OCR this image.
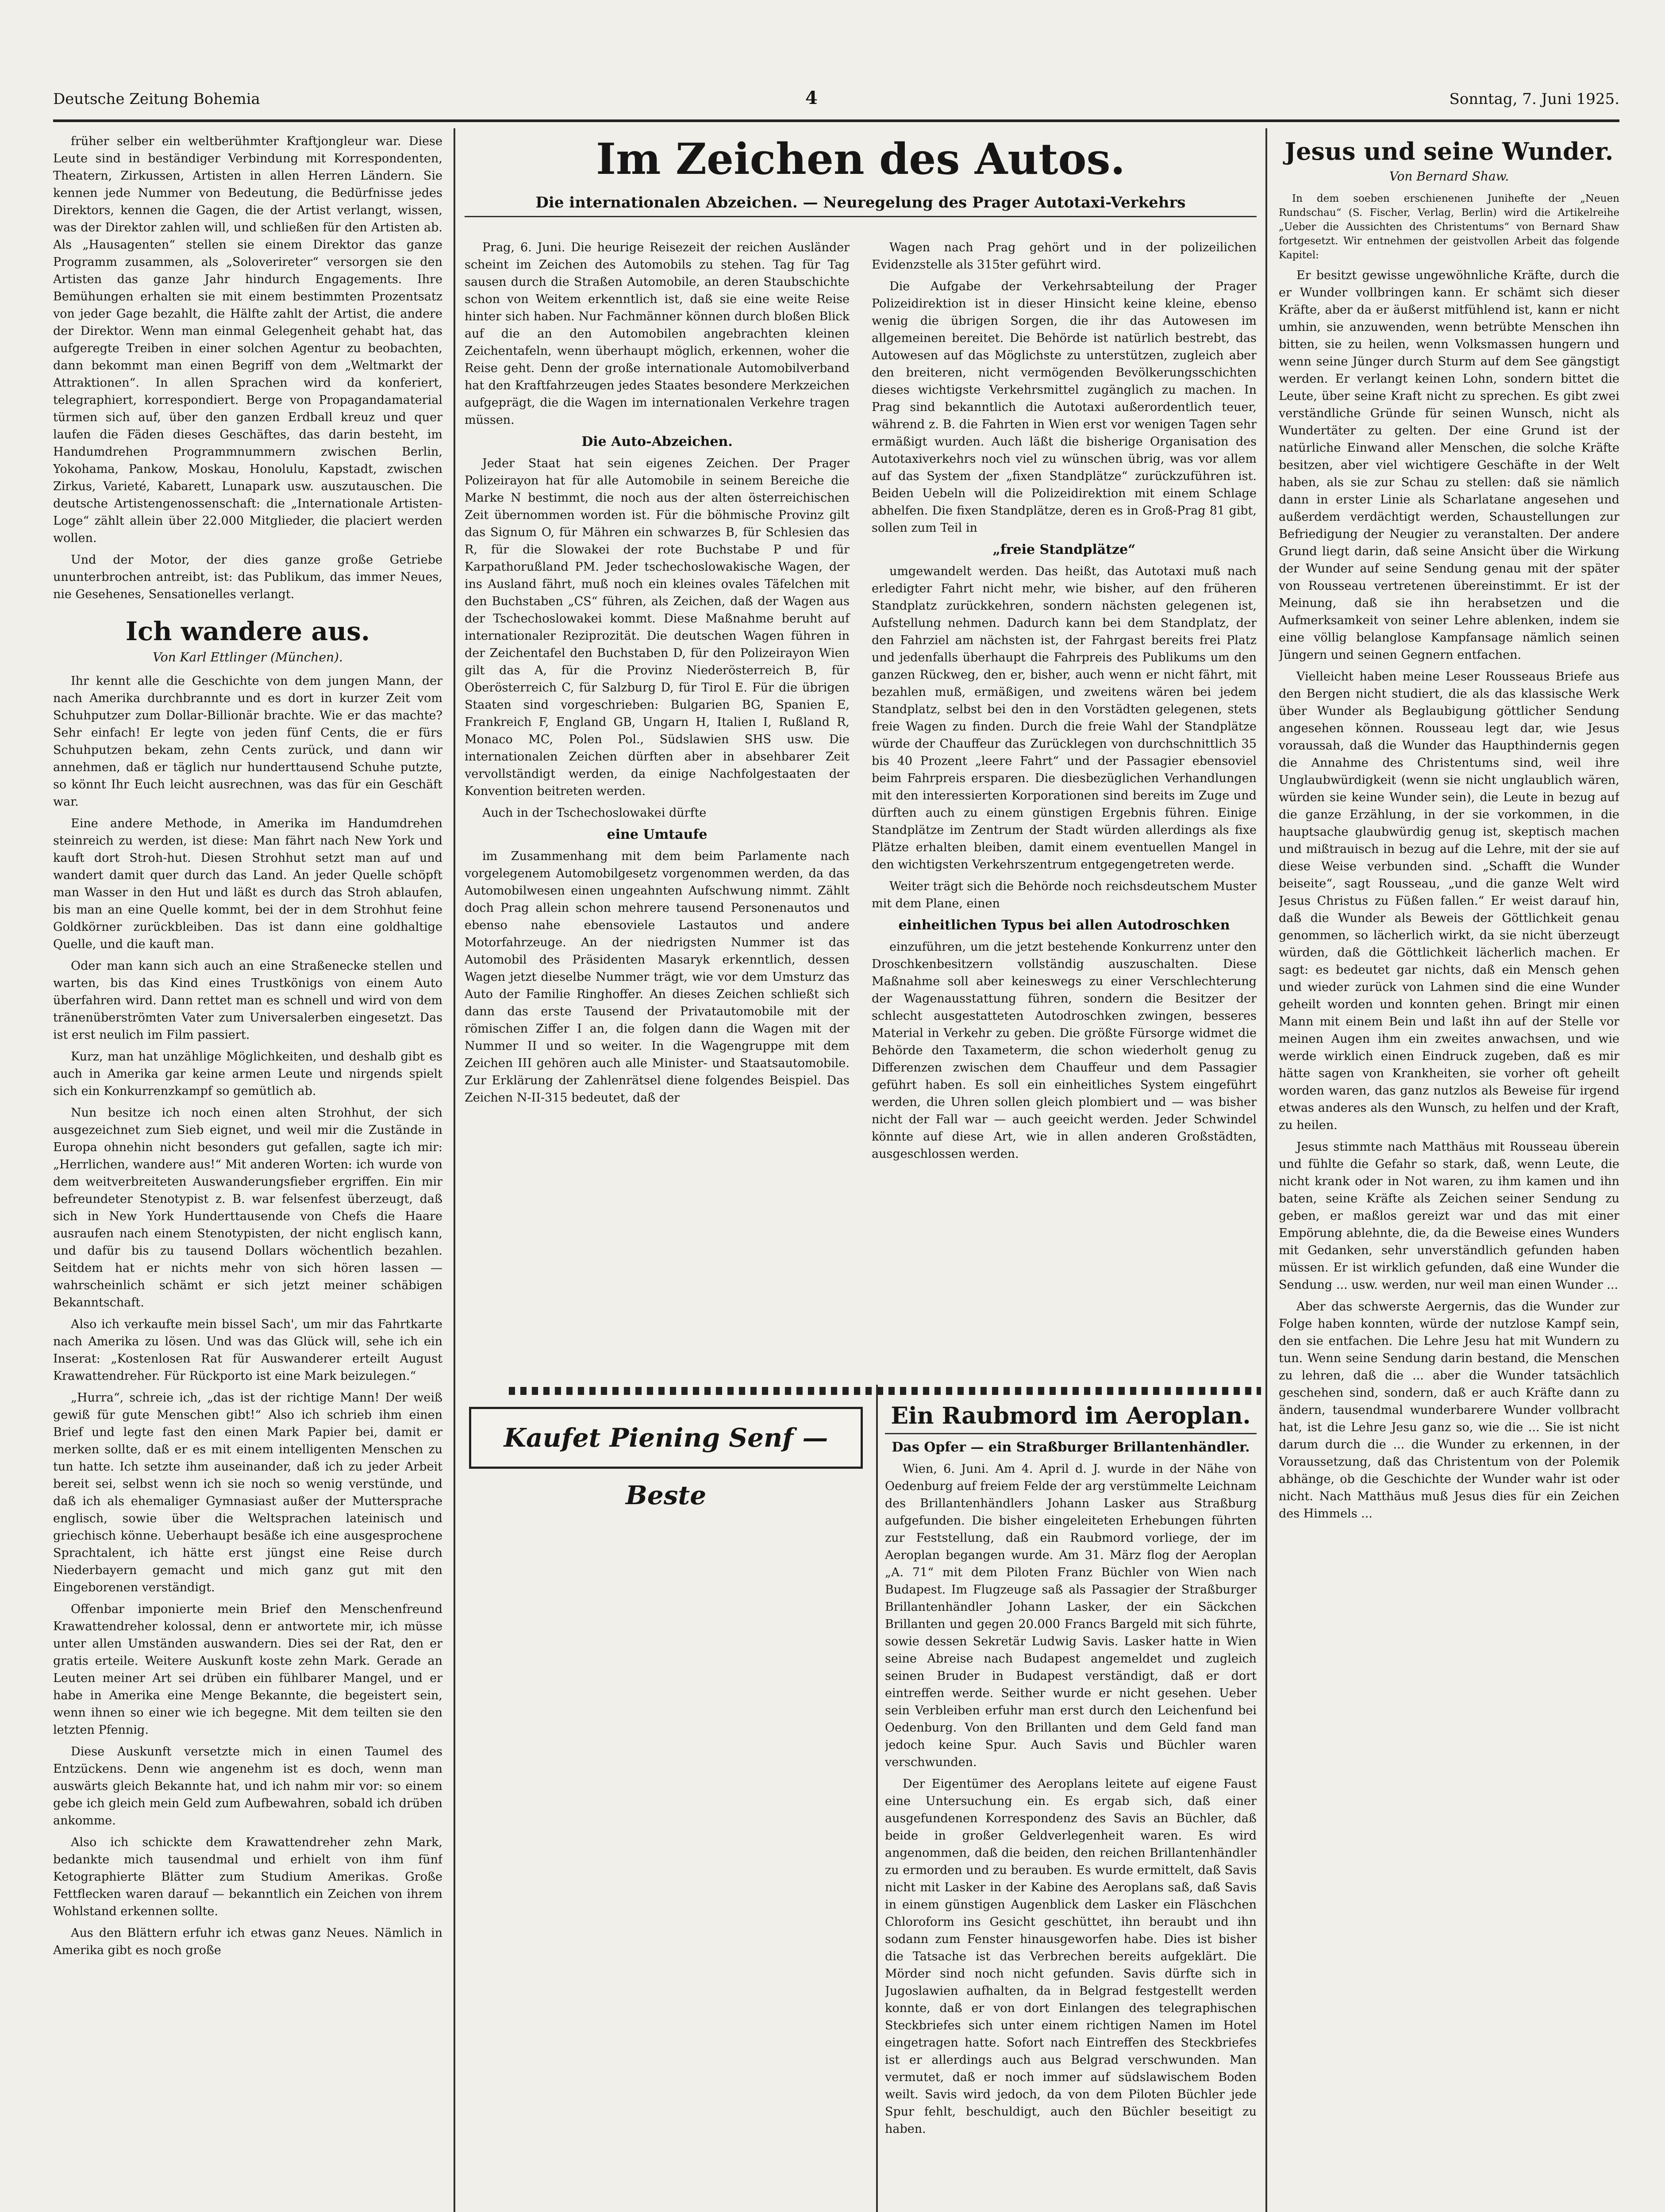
Deutsche Zeitung Bohemia	4	Sonntag, 7. Juni 1925.

früher selber ein weltberühmter Kraftjongleur war. Diese Leute sind in beständiger Verbindung mit Korrespondenten, Theatern, Zirkussen, Artisten in allen Herren Ländern. Sie kennen jede Nummer von Bedeutung, die Bedürfnisse jedes Direktors, kennen die Gagen, die der Artist verlangt, wissen, was der Direktor zahlen will, und schließen für den Artisten ab. Als „Hausagenten“ stellen sie einem Direktor das ganze Programm zusammen, als „Soloverireter“ versorgen sie den Artisten das ganze Jahr hindurch Engagements. Ihre Bemühungen erhalten sie mit einem bestimmten Prozentsatz von jeder Gage bezahlt, die Hälfte zahlt der Artist, die andere der Direktor. Wenn man einmal Gelegenheit gehabt hat, das aufgeregte Treiben in einer solchen Agentur zu beobachten, dann bekommt man einen Begriff von dem „Weltmarkt der Attraktionen“. In allen Sprachen wird da konferiert, telegraphiert, korrespondiert. Berge von Propagandamaterial türmen sich auf, über den ganzen Erdball kreuz und quer laufen die Fäden dieses Geschäftes, das darin besteht, im Handumdrehen Programmnummern zwischen Berlin, Yokohama, Pankow, Moskau, Honolulu, Kapstadt, zwischen Zirkus, Varieté, Kabarett, Lunapark usw. auszutauschen. Die deutsche Artistengenossenschaft: die „Internationale Artisten-Loge“ zählt allein über 22.000 Mitglieder, die placiert werden wollen.

Und der Motor, der dies ganze große Getriebe ununterbrochen antreibt, ist: das Publikum, das immer Neues, nie Gesehenes, Sensationelles verlangt.

Ich wandere aus.
Von Karl Ettlinger (München).

Ihr kennt alle die Geschichte von dem jungen Mann, der nach Amerika durchbrannte und es dort in kurzer Zeit vom Schuhputzer zum Dollar-Billionär brachte. Wie er das machte? Sehr einfach! Er legte von jeden fünf Cents, die er fürs Schuhputzen bekam, zehn Cents zurück, und dann wir annehmen, daß er täglich nur hunderttausend Schuhe putzte, so könnt Ihr Euch leicht ausrechnen, was das für ein Geschäft war.

Eine andere Methode, in Amerika im Handumdrehen steinreich zu werden, ist diese: Man fährt nach New York und kauft dort Stroh-hut. Diesen Strohhut setzt man auf und wandert damit quer durch das Land. An jeder Quelle schöpft man Wasser in den Hut und läßt es durch das Stroh ablaufen, bis man an eine Quelle kommt, bei der in dem Strohhut feine Goldkörner zurückbleiben. Das ist dann eine goldhaltige Quelle, und die kauft man.

Oder man kann sich auch an eine Straßenecke stellen und warten, bis das Kind eines Trustkönigs von einem Auto überfahren wird. Dann rettet man es schnell und wird von dem tränenüberströmten Vater zum Universalerben eingesetzt. Das ist erst neulich im Film passiert.

Kurz, man hat unzählige Möglichkeiten, und deshalb gibt es auch in Amerika gar keine armen Leute und nirgends spielt sich ein Konkurrenzkampf so gemütlich ab.

Nun besitze ich noch einen alten Strohhut, der sich ausgezeichnet zum Sieb eignet, und weil mir die Zustände in Europa ohnehin nicht besonders gut gefallen, sagte ich mir: „Herrlichen, wandere aus!“ Mit anderen Worten: ich wurde von dem weitverbreiteten Auswanderungsfieber ergriffen. Ein mir befreundeter Stenotypist z. B. war felsenfest überzeugt, daß sich in New York Hunderttausende von Chefs die Haare ausraufen nach einem Stenotypisten, der nicht englisch kann, und dafür bis zu tausend Dollars wöchentlich bezahlen. Seitdem hat er nichts mehr von sich hören lassen — wahrscheinlich schämt er sich jetzt meiner schäbigen Bekanntschaft.

Also ich verkaufte mein bissel Sach', um mir das Fahrtkarte nach Amerika zu lösen. Und was das Glück will, sehe ich ein Inserat: „Kostenlosen Rat für Auswanderer erteilt August Krawattendreher. Für Rückporto ist eine Mark beizulegen.“

„Hurra“, schreie ich, „das ist der richtige Mann! Der weiß gewiß für gute Menschen gibt!“ Also ich schrieb ihm einen Brief und legte fast den einen Mark Papier bei, damit er merken sollte, daß er es mit einem intelligenten Menschen zu tun hatte. Ich setzte ihm auseinander, daß ich zu jeder Arbeit bereit sei, selbst wenn ich sie noch so wenig verstünde, und daß ich als ehemaliger Gymnasiast außer der Muttersprache englisch, sowie über die Weltsprachen lateinisch und griechisch könne. Ueberhaupt besäße ich eine ausgesprochene Sprachtalent, ich hätte erst jüngst eine Reise durch Niederbayern gemacht und mich ganz gut mit den Eingeborenen verständigt.

Offenbar imponierte mein Brief den Menschenfreund Krawattendreher kolossal, denn er antwortete mir, ich müsse unter allen Umständen auswandern. Dies sei der Rat, den er gratis erteile. Weitere Auskunft koste zehn Mark. Gerade an Leuten meiner Art sei drüben ein fühlbarer Mangel, und er habe in Amerika eine Menge Bekannte, die begeistert sein, wenn ihnen so einer wie ich begegne. Mit dem teilten sie den letzten Pfennig.

Diese Auskunft versetzte mich in einen Taumel des Entzückens. Denn wie angenehm ist es doch, wenn man auswärts gleich Bekannte hat, und ich nahm mir vor: so einem gebe ich gleich mein Geld zum Aufbewahren, sobald ich drüben ankomme.

Also ich schickte dem Krawattendreher zehn Mark, bedankte mich tausendmal und erhielt von ihm fünf Ketographierte Blätter zum Studium Amerikas. Große Fettflecken waren darauf — bekanntlich ein Zeichen von ihrem Wohlstand erkennen sollte.

Aus den Blättern erfuhr ich etwas ganz Neues. Nämlich in Amerika gibt es noch große

Im Zeichen des Autos.
Die internationalen Abzeichen. — Neuregelung des Prager Autotaxi-Verkehrs

Prag, 6. Juni. Die heurige Reisezeit der reichen Ausländer scheint im Zeichen des Automobils zu stehen. Tag für Tag sausen durch die Straßen Automobile, an deren Staubschichte schon von Weitem erkenntlich ist, daß sie eine weite Reise hinter sich haben. Nur Fachmänner können durch bloßen Blick auf die an den Automobilen angebrachten kleinen Zeichentafeln, wenn überhaupt möglich, erkennen, woher die Reise geht. Denn der große internationale Automobilverband hat den Kraftfahrzeugen jedes Staates besondere Merkzeichen aufgeprägt, die die Wagen im internationalen Verkehre tragen müssen.

Die Auto-Abzeichen.

Jeder Staat hat sein eigenes Zeichen. Der Prager Polizeirayon hat für alle Automobile in seinem Bereiche die Marke N bestimmt, die noch aus der alten österreichischen Zeit übernommen worden ist. Für die böhmische Provinz gilt das Signum O, für Mähren ein schwarzes B, für Schlesien das R, für die Slowakei der rote Buchstabe P und für Karpathorußland PM. Jeder tschechoslowakische Wagen, der ins Ausland fährt, muß noch ein kleines ovales Täfelchen mit den Buchstaben „CS“ führen, als Zeichen, daß der Wagen aus der Tschechoslowakei kommt. Diese Maßnahme beruht auf internationaler Reziprozität. Die deutschen Wagen führen in der Zeichentafel den Buchstaben D, für den Polizeirayon Wien gilt das A, für die Provinz Niederösterreich B, für Oberösterreich C, für Salzburg D, für Tirol E. Für die übrigen Staaten sind vorgeschrieben: Bulgarien BG, Spanien E, Frankreich F, England GB, Ungarn H, Italien I, Rußland R, Monaco MC, Polen Pol., Südslawien SHS usw. Die internationalen Zeichen dürften aber in absehbarer Zeit vervollständigt werden, da einige Nachfolgestaaten der Konvention beitreten werden.

Auch in der Tschechoslowakei dürfte

eine Umtaufe

im Zusammenhang mit dem beim Parlamente nach vorgelegenem Automobilgesetz vorgenommen werden, da das Automobilwesen einen ungeahnten Aufschwung nimmt. Zählt doch Prag allein schon mehrere tausend Personenautos und ebenso nahe ebensoviele Lastautos und andere Motorfahrzeuge. An der niedrigsten Nummer ist das Automobil des Präsidenten Masaryk erkenntlich, dessen Wagen jetzt dieselbe Nummer trägt, wie vor dem Umsturz das Auto der Familie Ringhoffer. An dieses Zeichen schließt sich dann das erste Tausend der Privatautomobile mit der römischen Ziffer I an, die folgen dann die Wagen mit der Nummer II und so weiter. In die Wagengruppe mit dem Zeichen III gehören auch alle Minister- und Staatsautomobile. Zur Erklärung der Zahlenrätsel diene folgendes Beispiel. Das Zeichen N-II-315 bedeutet, daß der

Wagen nach Prag gehört und in der polizeilichen Evidenzstelle als 315ter geführt wird.

Die Aufgabe der Verkehrsabteilung der Prager Polizeidirektion ist in dieser Hinsicht keine kleine, ebenso wenig die übrigen Sorgen, die ihr das Autowesen im allgemeinen bereitet. Die Behörde ist natürlich bestrebt, das Autowesen auf das Möglichste zu unterstützen, zugleich aber den breiteren, nicht vermögenden Bevölkerungsschichten dieses wichtigste Verkehrsmittel zugänglich zu machen. In Prag sind bekanntlich die Autotaxi außerordentlich teuer, während z. B. die Fahrten in Wien erst vor wenigen Tagen sehr ermäßigt wurden. Auch läßt die bisherige Organisation des Autotaxiverkehrs noch viel zu wünschen übrig, was vor allem auf das System der „fixen Standplätze“ zurückzuführen ist. Beiden Uebeln will die Polizeidirektion mit einem Schlage abhelfen. Die fixen Standplätze, deren es in Groß-Prag 81 gibt, sollen zum Teil in

„freie Standplätze“

umgewandelt werden. Das heißt, das Autotaxi muß nach erledigter Fahrt nicht mehr, wie bisher, auf den früheren Standplatz zurückkehren, sondern nächsten gelegenen ist, Aufstellung nehmen. Dadurch kann bei dem Standplatz, der den Fahrziel am nächsten ist, der Fahrgast bereits frei Platz und jedenfalls überhaupt die Fahrpreis des Publikums um den ganzen Rückweg, den er, bisher, auch wenn er nicht fährt, mit bezahlen muß, ermäßigen, und zweitens wären bei jedem Standplatz, selbst bei den in den Vorstädten gelegenen, stets freie Wagen zu finden. Durch die freie Wahl der Standplätze würde der Chauffeur das Zurücklegen von durchschnittlich 35 bis 40 Prozent „leere Fahrt“ und der Passagier ebensoviel beim Fahrpreis ersparen. Die diesbezüglichen Verhandlungen mit den interessierten Korporationen sind bereits im Zuge und dürften auch zu einem günstigen Ergebnis führen. Einige Standplätze im Zentrum der Stadt würden allerdings als fixe Plätze erhalten bleiben, damit einem eventuellen Mangel in den wichtigsten Verkehrszentrum entgegengetreten werde.

Weiter trägt sich die Behörde noch reichsdeutschem Muster mit dem Plane, einen

einheitlichen Typus bei allen Autodroschken

einzuführen, um die jetzt bestehende Konkurrenz unter den Droschkenbesitzern vollständig auszuschalten. Diese Maßnahme soll aber keineswegs zu einer Verschlechterung der Wagenausstattung führen, sondern die Besitzer der schlecht ausgestatteten Autodroschken zwingen, besseres Material in Verkehr zu geben. Die größte Fürsorge widmet die Behörde den Taxameterm, die schon wiederholt genug zu Differenzen zwischen dem Chauffeur und dem Passagier geführt haben. Es soll ein einheitliches System eingeführt werden, die Uhren sollen gleich plombiert und — was bisher nicht der Fall war — auch geeicht werden. Jeder Schwindel könnte auf diese Art, wie in allen anderen Großstädten, ausgeschlossen werden.

Kaufet Piening Senf — Beste
Ein Raubmord im Aeroplan.
Das Opfer — ein Straßburger Brillantenhändler.

Wien, 6. Juni. Am 4. April d. J. wurde in der Nähe von Oedenburg auf freiem Felde der arg verstümmelte Leichnam des Brillantenhändlers Johann Lasker aus Straßburg aufgefunden. Die bisher eingeleiteten Erhebungen führten zur Feststellung, daß ein Raubmord vorliege, der im Aeroplan begangen wurde. Am 31. März flog der Aeroplan „A. 71“ mit dem Piloten Franz Büchler von Wien nach Budapest. Im Flugzeuge saß als Passagier der Straßburger Brillantenhändler Johann Lasker, der ein Säckchen Brillanten und gegen 20.000 Francs Bargeld mit sich führte, sowie dessen Sekretär Ludwig Savis. Lasker hatte in Wien seine Abreise nach Budapest angemeldet und zugleich seinen Bruder in Budapest verständigt, daß er dort eintreffen werde. Seither wurde er nicht gesehen. Ueber sein Verbleiben erfuhr man erst durch den Leichenfund bei Oedenburg. Von den Brillanten und dem Geld fand man jedoch keine Spur. Auch Savis und Büchler waren verschwunden.

Der Eigentümer des Aeroplans leitete auf eigene Faust eine Untersuchung ein. Es ergab sich, daß einer ausgefundenen Korrespondenz des Savis an Büchler, daß beide in großer Geldverlegenheit waren. Es wird angenommen, daß die beiden, den reichen Brillantenhändler zu ermorden und zu berauben. Es wurde ermittelt, daß Savis nicht mit Lasker in der Kabine des Aeroplans saß, daß Savis in einem günstigen Augenblick dem Lasker ein Fläschchen Chloroform ins Gesicht geschüttet, ihn beraubt und ihn sodann zum Fenster hinausgeworfen habe. Dies ist bisher die Tatsache ist das Verbrechen bereits aufgeklärt. Die Mörder sind noch nicht gefunden. Savis dürfte sich in Jugoslawien aufhalten, da in Belgrad festgestellt werden konnte, daß er von dort Einlangen des telegraphischen Steckbriefes sich unter einem richtigen Namen im Hotel eingetragen hatte. Sofort nach Eintreffen des Steckbriefes ist er allerdings auch aus Belgrad verschwunden. Man vermutet, daß er noch immer auf südslawischem Boden weilt. Savis wird jedoch, da von dem Piloten Büchler jede Spur fehlt, beschuldigt, auch den Büchler beseitigt zu haben.

Jesus und seine Wunder.
Von Bernard Shaw.

In dem soeben erschienenen Junihefte der „Neuen Rundschau“ (S. Fischer, Verlag, Berlin) wird die Artikelreihe „Ueber die Aussichten des Christentums“ von Bernard Shaw fortgesetzt. Wir entnehmen der geistvollen Arbeit das folgende Kapitel:

Er besitzt gewisse ungewöhnliche Kräfte, durch die er Wunder vollbringen kann. Er schämt sich dieser Kräfte, aber da er äußerst mitfühlend ist, kann er nicht umhin, sie anzuwenden, wenn betrübte Menschen ihn bitten, sie zu heilen, wenn Volksmassen hungern und wenn seine Jünger durch Sturm auf dem See gängstigt werden. Er verlangt keinen Lohn, sondern bittet die Leute, über seine Kraft nicht zu sprechen. Es gibt zwei verständliche Gründe für seinen Wunsch, nicht als Wundertäter zu gelten. Der eine Grund ist der natürliche Einwand aller Menschen, die solche Kräfte besitzen, aber viel wichtigere Geschäfte in der Welt haben, als sie zur Schau zu stellen: daß sie nämlich dann in erster Linie als Scharlatane angesehen und außerdem verdächtigt werden, Schaustellungen zur Befriedigung der Neugier zu veranstalten. Der andere Grund liegt darin, daß seine Ansicht über die Wirkung der Wunder auf seine Sendung genau mit der später von Rousseau vertretenen übereinstimmt. Er ist der Meinung, daß sie ihn herabsetzen und die Aufmerksamkeit von seiner Lehre ablenken, indem sie eine völlig belanglose Kampfansage nämlich seinen Jüngern und seinen Gegnern entfachen.

Vielleicht haben meine Leser Rousseaus Briefe aus den Bergen nicht studiert, die als das klassische Werk über Wunder als Beglaubigung göttlicher Sendung angesehen können. Rousseau legt dar, wie Jesus voraussah, daß die Wunder das Haupthindernis gegen die Annahme des Christentums sind, weil ihre Unglaubwürdigkeit (wenn sie nicht unglaublich wären, würden sie keine Wunder sein), die Leute in bezug auf die ganze Erzählung, in der sie vorkommen, in die hauptsache glaubwürdig genug ist, skeptisch machen und mißtrauisch in bezug auf die Lehre, mit der sie auf diese Weise verbunden sind. „Schafft die Wunder beiseite“, sagt Rousseau, „und die ganze Welt wird Jesus Christus zu Füßen fallen.“ Er weist darauf hin, daß die Wunder als Beweis der Göttlichkeit genau genommen, so lächerlich wirkt, da sie nicht überzeugt würden, daß die Göttlichkeit lächerlich machen. Er sagt: es bedeutet gar nichts, daß ein Mensch gehen und wieder zurück von Lahmen sind die eine Wunder geheilt worden und konnten gehen. Bringt mir einen Mann mit einem Bein und laßt ihn auf der Stelle vor meinen Augen ihm ein zweites anwachsen, und wie werde wirklich einen Eindruck zugeben, daß es mir hätte sagen von Krankheiten, sie vorher oft geheilt worden waren, das ganz nutzlos als Beweise für irgend etwas anderes als den Wunsch, zu helfen und der Kraft, zu heilen.

Jesus stimmte nach Matthäus mit Rousseau überein und fühlte die Gefahr so stark, daß, wenn Leute, die nicht krank oder in Not waren, zu ihm kamen und ihn baten, seine Kräfte als Zeichen seiner Sendung zu geben, er maßlos gereizt war und das mit einer Empörung ablehnte, die, da die Beweise eines Wunders mit Gedanken, sehr unverständlich gefunden haben müssen. Er ist wirklich gefunden, daß eine Wunder die Sendung ... usw. werden, nur weil man einen Wunder ...

Aber das schwerste Aergernis, das die Wunder zur Folge haben konnten, würde der nutzlose Kampf sein, den sie entfachen. Die Lehre Jesu hat mit Wundern zu tun. Wenn seine Sendung darin bestand, die Menschen zu lehren, daß die ... aber die Wunder tatsächlich geschehen sind, sondern, daß er auch Kräfte dann zu ändern, tausendmal wunderbarere Wunder vollbracht hat, ist die Lehre Jesu ganz so, wie die ... Sie ist nicht darum durch die ... die Wunder zu erkennen, in der Voraussetzung, daß das Christentum von der Polemik abhänge, ob die Geschichte der Wunder wahr ist oder nicht. Nach Matthäus muß Jesus dies für ein Zeichen des Himmels ...
